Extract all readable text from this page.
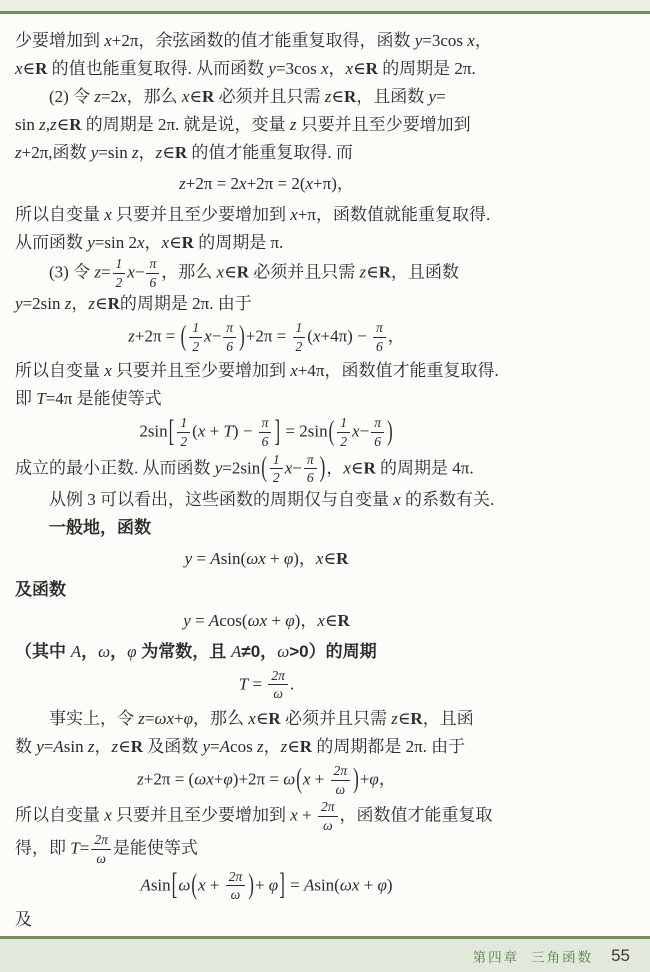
少要增加到 x+2π，余弦函数的值才能重复取得，函数 y=3cos x，
x∈R 的值也能重复取得. 从而函数 y=3cos x，x∈R 的周期是 2π.
　　(2) 令 z=2x，那么 x∈R 必须并且只需 z∈R，且函数 y=
sin z,z∈R 的周期是 2π. 就是说，变量 z 只要并且至少要增加到
z+2π,函数 y=sin z，z∈R 的值才能重复取得. 而
z+2π = 2x+2π = 2(x+π)，
所以自变量 x 只要并且至少要增加到 x+π，函数值就能重复取得.
从而函数 y=sin 2x，x∈R 的周期是 π.
　　(3) 令 $z= \frac{1}{2} x- \frac{\pi}{6}$ ，那么 x∈R 必须并且只需 z∈R，且函数
y=2sin z，z∈R的周期是 2π. 由于
z+2π = ( $\frac{1}{2} x- \frac{\pi}{6} )+2\pi = \frac{1}{2} (x+4\pi) - \frac{\pi}{6}$ ，
所以自变量 x 只要并且至少要增加到 x+4π，函数值才能重复取得.
即 T=4π 是能使等式
$2\sin[ \frac{1}{2} (x + T) - \frac{\pi}{6}$ ] = $2\sin( \frac{1}{2} x- \frac{\pi}{6}$ )
成立的最小正数. 从而函数 $y=2\sin( \frac{1}{2} x- \frac{\pi}{6}$ )，x∈R 的周期是 4π.
　　从例 3 可以看出，这些函数的周期仅与自变量 x 的系数有关.
　　一般地，函数
y = Asin(ωx + φ)，x∈R
及函数
y = Acos(ωx + φ)，x∈R
（其中 A，ω，φ 为常数，且 A≠0，ω>0）的周期
$T = \frac{2\pi}{\omega}$ .
　　事实上，令 z=ωx+φ，那么 x∈R 必须并且只需 z∈R，且函
数 y=Asin z，z∈R 及函数 y=Acos z，z∈R 的周期都是 2π. 由于
$z+2\pi = (\omega x+\varphi)+2\pi = \omega(x + \frac{2\pi}{\omega} )+\varphi$，
所以自变量 x 只要并且至少要增加到 $x + \frac{2\pi}{\omega}$ ，函数值才能重复取
得，即 $T= \frac{2\pi}{\omega}$ 是能使等式
$Asin[\omega(x + \frac{2\pi}{\omega}$ )+ φ] = Asin(ωx + φ)
及
第四章 三角函数 55
